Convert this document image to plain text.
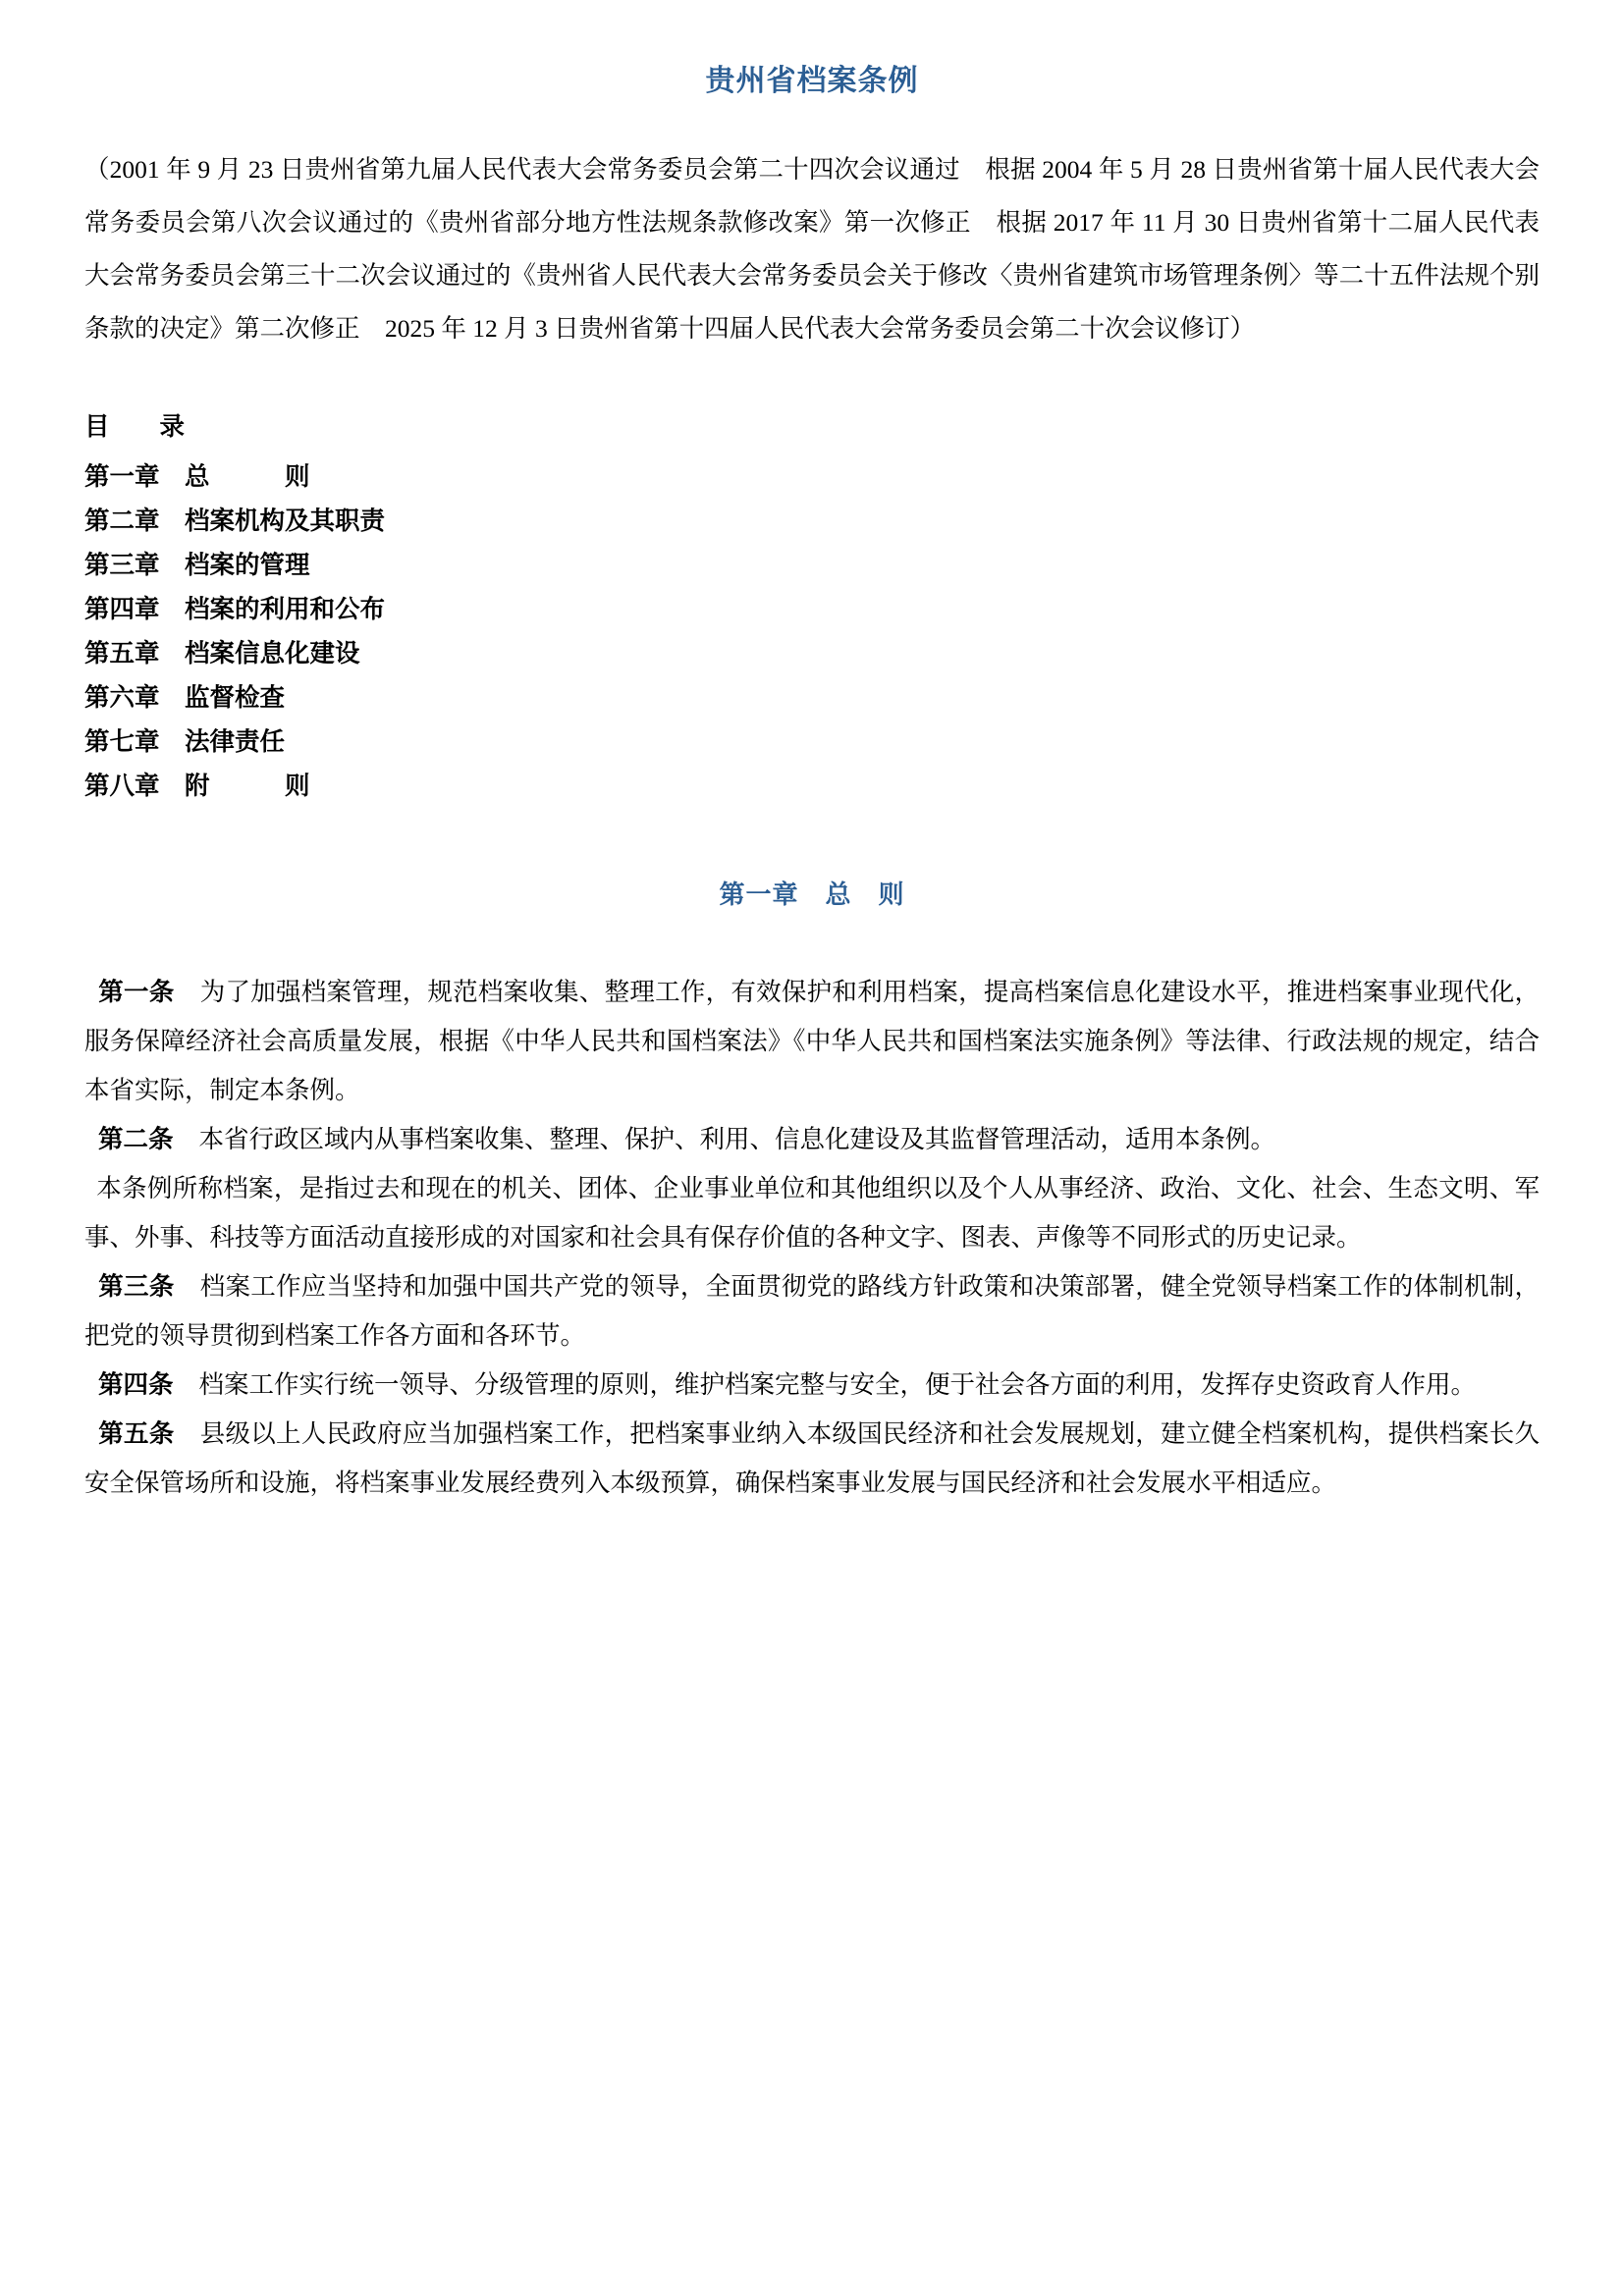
贵州省档案条例

（2001 年 9 月 23 日贵州省第九届人民代表大会常务委员会第二十四次会议通过　根据 2004 年 5 月 28 日贵州省第十届人民代表大会常务委员会第八次会议通过的《贵州省部分地方性法规条款修改案》第一次修正　根据 2017 年 11 月 30 日贵州省第十二届人民代表大会常务委员会第三十二次会议通过的《贵州省人民代表大会常务委员会关于修改〈贵州省建筑市场管理条例〉等二十五件法规个别条款的决定》第二次修正　2025 年 12 月 3 日贵州省第十四届人民代表大会常务委员会第二十次会议修订）

目　　录
第一章　总　　　则
第二章　档案机构及其职责
第三章　档案的管理
第四章　档案的利用和公布
第五章　档案信息化建设
第六章　监督检查
第七章　法律责任
第八章　附　　　则
第一章　总　则

第一条 为了加强档案管理，规范档案收集、整理工作，有效保护和利用档案，提高档案信息化建设水平，推进档案事业现代化，服务保障经济社会高质量发展，根据《中华人民共和国档案法》《中华人民共和国档案法实施条例》等法律、行政法规的规定，结合本省实际，制定本条例。

第二条 本省行政区域内从事档案收集、整理、保护、利用、信息化建设及其监督管理活动，适用本条例。

本条例所称档案，是指过去和现在的机关、团体、企业事业单位和其他组织以及个人从事经济、政治、文化、社会、生态文明、军事、外事、科技等方面活动直接形成的对国家和社会具有保存价值的各种文字、图表、声像等不同形式的历史记录。

第三条 档案工作应当坚持和加强中国共产党的领导，全面贯彻党的路线方针政策和决策部署，健全党领导档案工作的体制机制，把党的领导贯彻到档案工作各方面和各环节。

第四条 档案工作实行统一领导、分级管理的原则，维护档案完整与安全，便于社会各方面的利用，发挥存史资政育人作用。

第五条 县级以上人民政府应当加强档案工作，把档案事业纳入本级国民经济和社会发展规划，建立健全档案机构，提供档案长久安全保管场所和设施，将档案事业发展经费列入本级预算，确保档案事业发展与国民经济和社会发展水平相适应。
